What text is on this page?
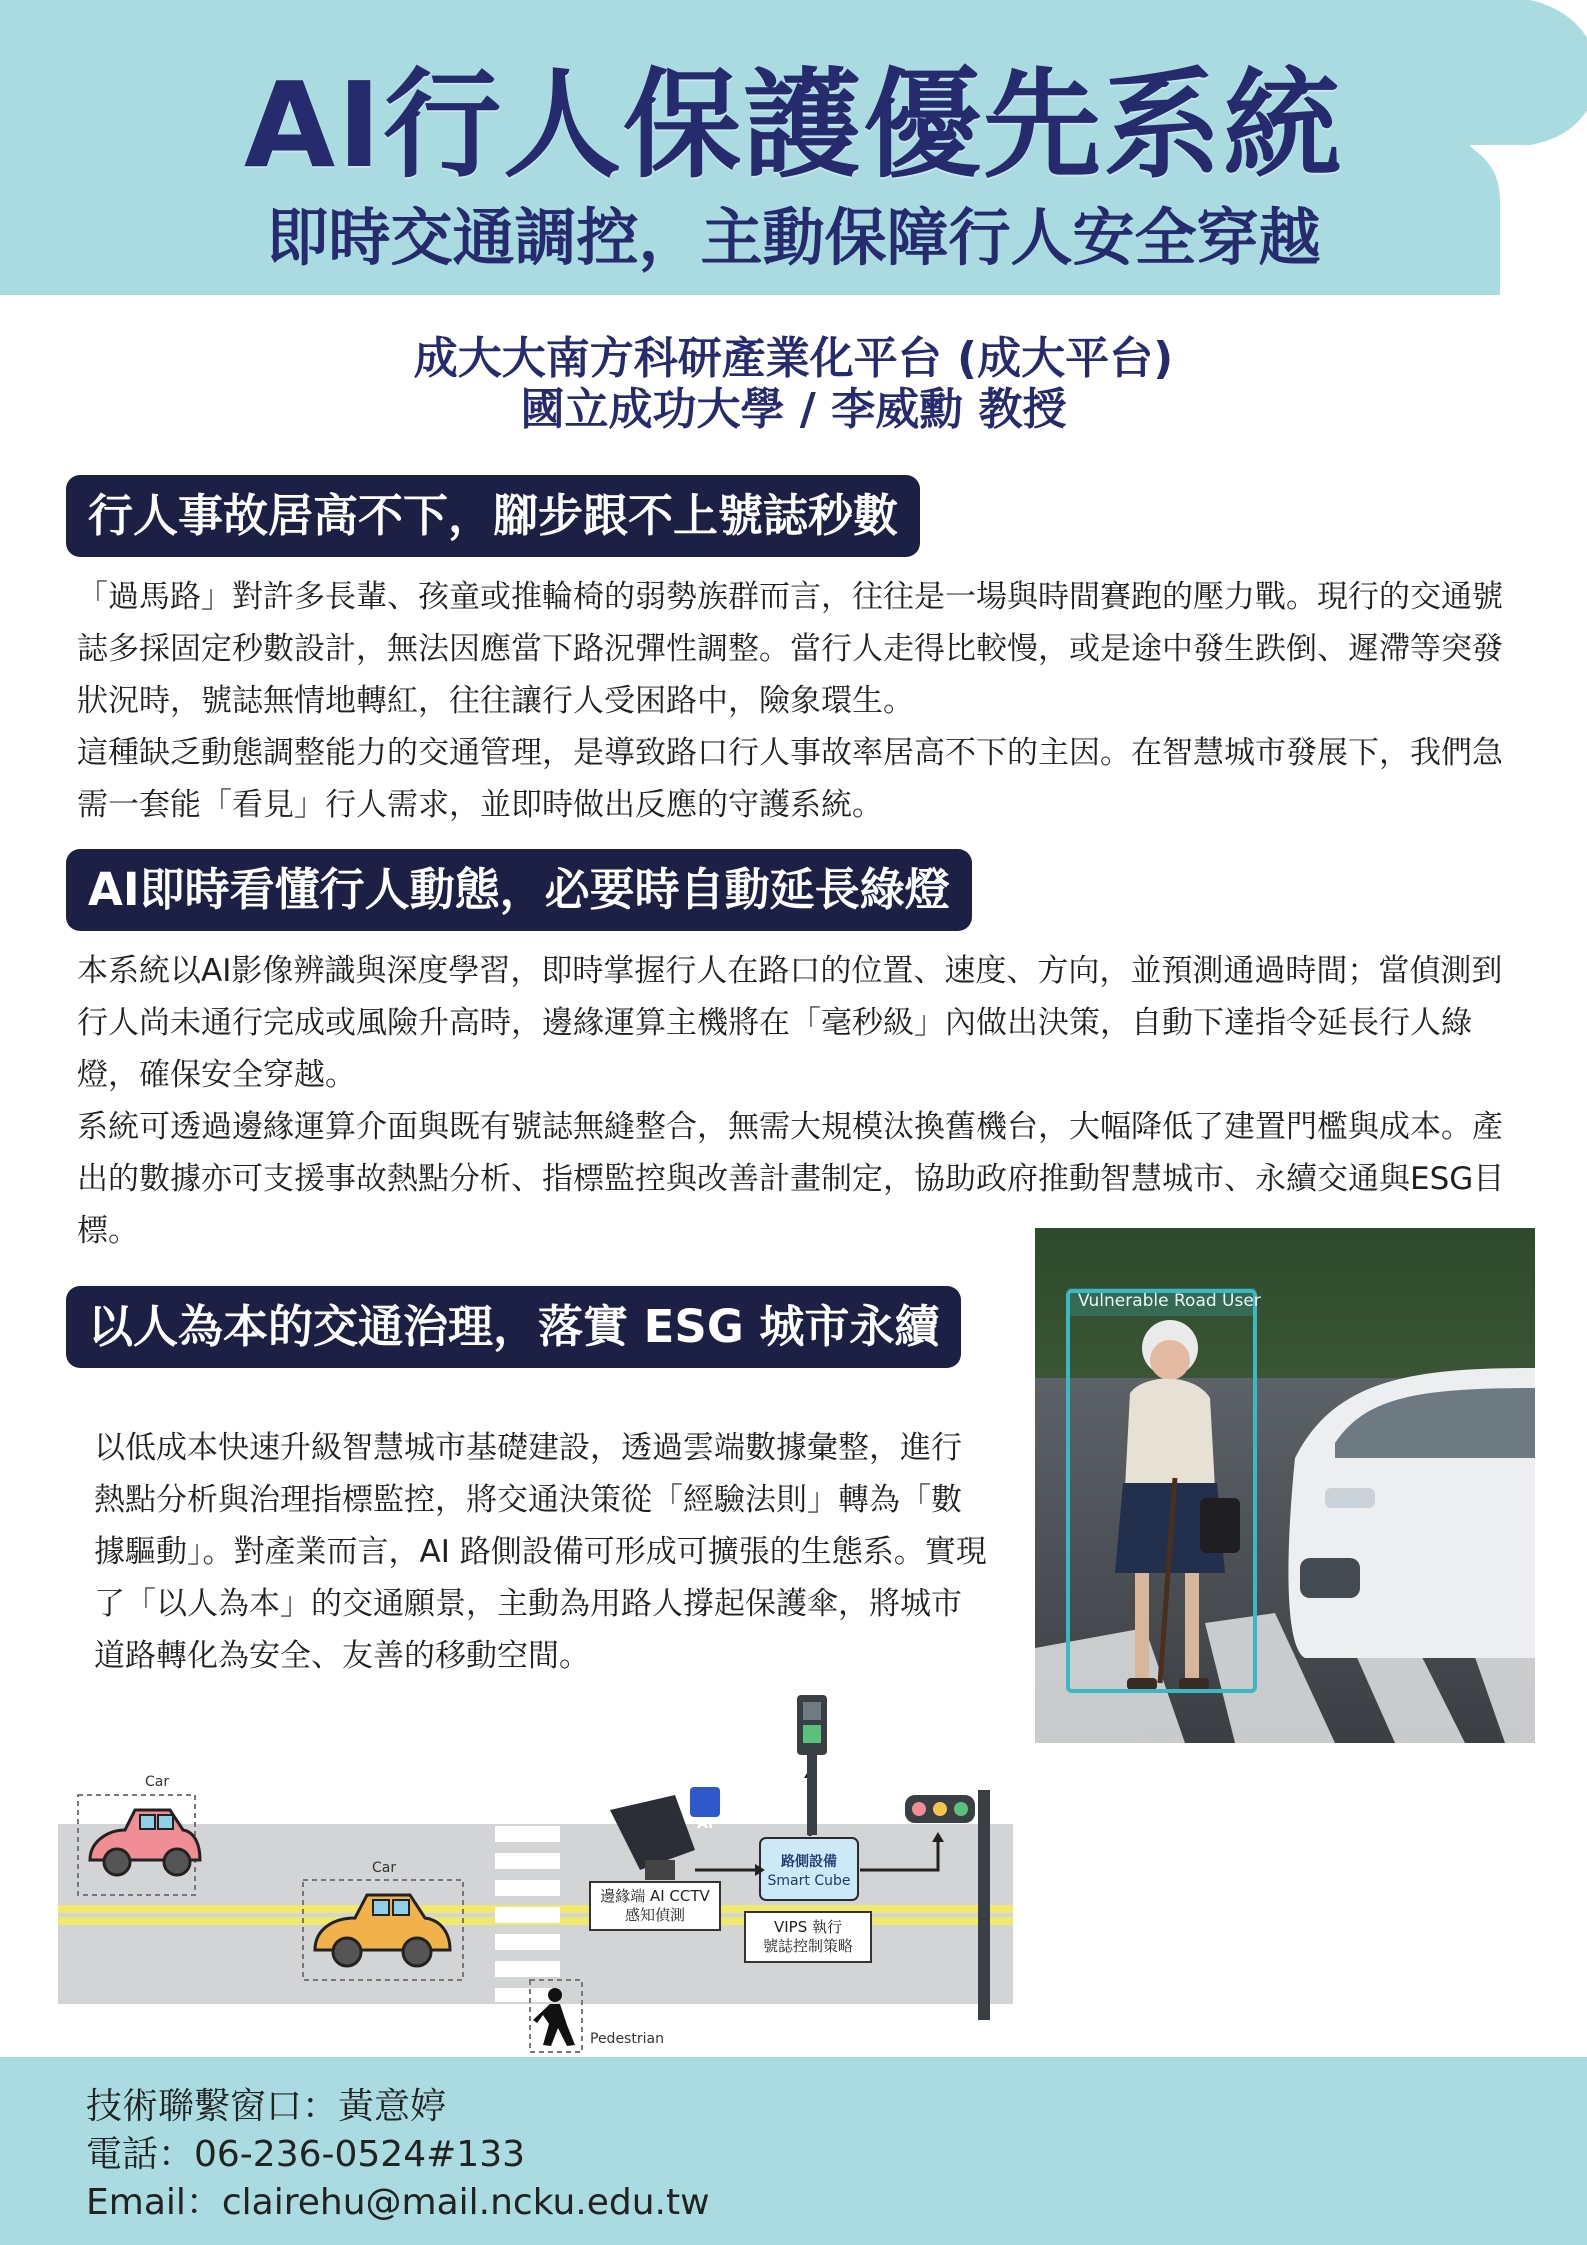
AI行人保護優先系統
即時交通調控，主動保障行人安全穿越
成大大南方科研產業化平台 (成大平台)
國立成功大學 / 李威勳 教授
行人事故居高不下，腳步跟不上號誌秒數
「過馬路」對許多長輩、孩童或推輪椅的弱勢族群而言，往往是一場與時間賽跑的壓力戰。現行的交通號
誌多採固定秒數設計，無法因應當下路況彈性調整。當行人走得比較慢，或是途中發生跌倒、遲滯等突發
狀況時，號誌無情地轉紅，往往讓行人受困路中，險象環生。
這種缺乏動態調整能力的交通管理，是導致路口行人事故率居高不下的主因。在智慧城市發展下，我們急
需一套能「看見」行人需求，並即時做出反應的守護系統。
AI即時看懂行人動態，必要時自動延長綠燈
本系統以AI影像辨識與深度學習，即時掌握行人在路口的位置、速度、方向，並預測通過時間；當偵測到
行人尚未通行完成或風險升高時，邊緣運算主機將在「毫秒級」內做出決策，自動下達指令延長行人綠
燈，確保安全穿越。
系統可透過邊緣運算介面與既有號誌無縫整合，無需大規模汰換舊機台，大幅降低了建置門檻與成本。產
出的數據亦可支援事故熱點分析、指標監控與改善計畫制定，協助政府推動智慧城市、永續交通與ESG目
標。
以人為本的交通治理，落實 ESG 城市永續
以低成本快速升級智慧城市基礎建設，透過雲端數據彙整，進行
熱點分析與治理指標監控，將交通決策從「經驗法則」轉為「數
據驅動」。對產業而言，AI 路側設備可形成可擴張的生態系。實現
了「以人為本」的交通願景，主動為用路人撐起保護傘，將城市
道路轉化為安全、友善的移動空間。
Vulnerable Road User
Car
Car
AI
邊緣端 AI CCTV
感知偵測
路側設備
Smart Cube
VIPS 執行
號誌控制策略
Pedestrian
技術聯繫窗口：黃意婷
電話：06-236-0524#133
Email：clairehu@mail.ncku.edu.tw
